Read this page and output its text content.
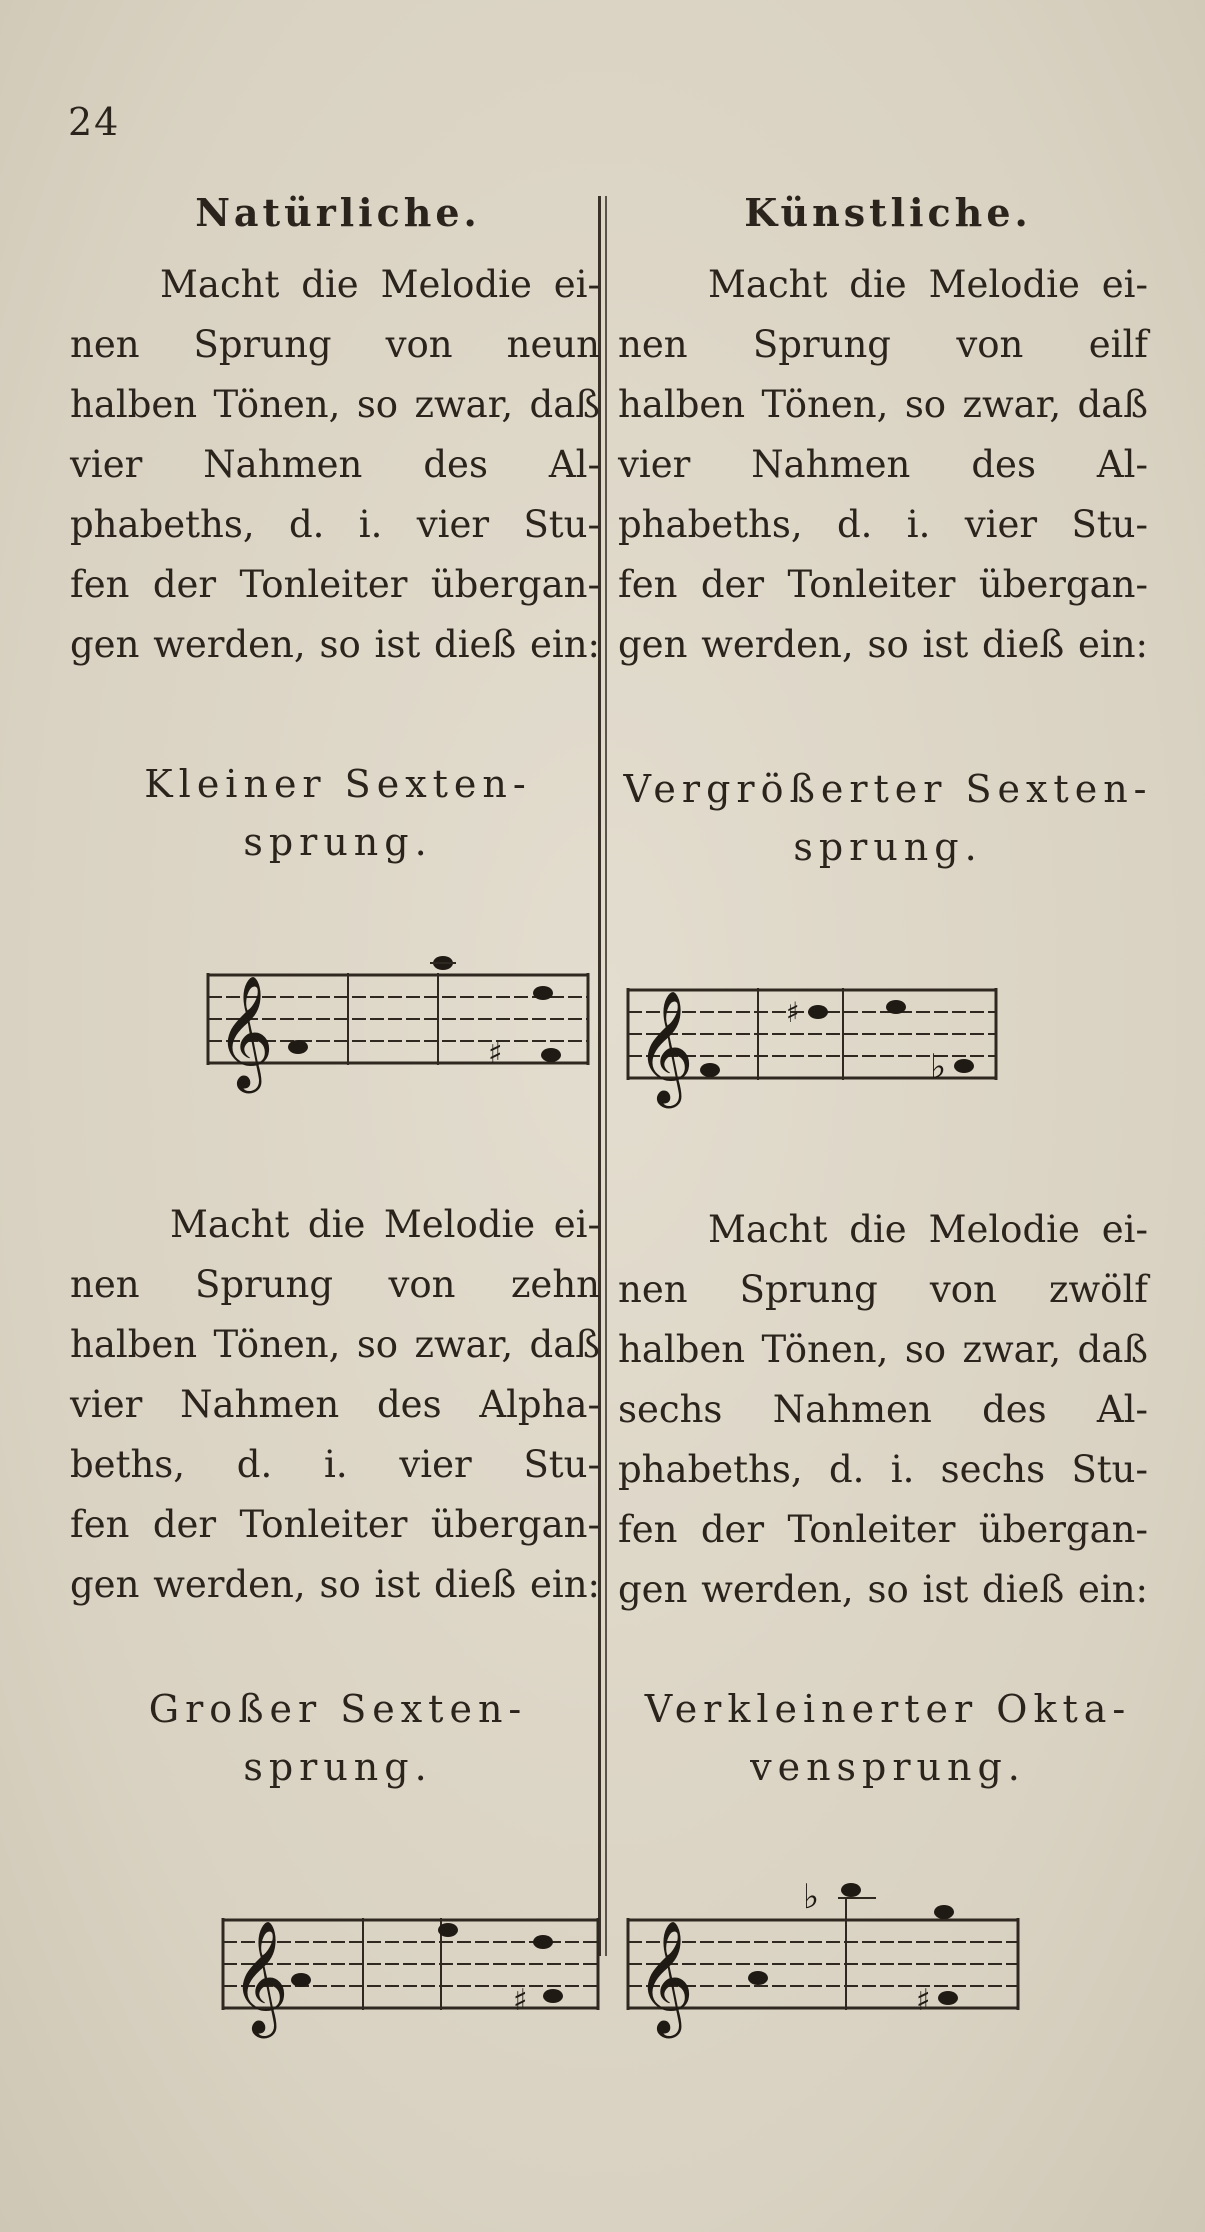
24
Natürliche.
Macht die Melodie ei-
nen Sprung von neun
halben Tönen, so zwar, daß
vier Nahmen des Al-
phabeths, d. i. vier Stu-
fen der Tonleiter übergan-
gen werden, so ist dieß ein:
Kleiner Sexten-
sprung.
𝄞	♯
Macht die Melodie ei-
nen Sprung von zehn
halben Tönen, so zwar, daß
vier Nahmen des Alpha-
beths, d. i. vier Stu-
fen der Tonleiter übergan-
gen werden, so ist dieß ein:
Großer Sexten-
sprung.
𝄞	♯
Künstliche.
Macht die Melodie ei-
nen Sprung von eilf
halben Tönen, so zwar, daß
vier Nahmen des Al-
phabeths, d. i. vier Stu-
fen der Tonleiter übergan-
gen werden, so ist dieß ein:
Vergrößerter Sexten-
sprung.
𝄞	♯
♭
Macht die Melodie ei-
nen Sprung von zwölf
halben Tönen, so zwar, daß
sechs Nahmen des Al-
phabeths, d. i. sechs Stu-
fen der Tonleiter übergan-
gen werden, so ist dieß ein:
Verkleinerter Okta-
vensprung.
𝄞
♭
♯
